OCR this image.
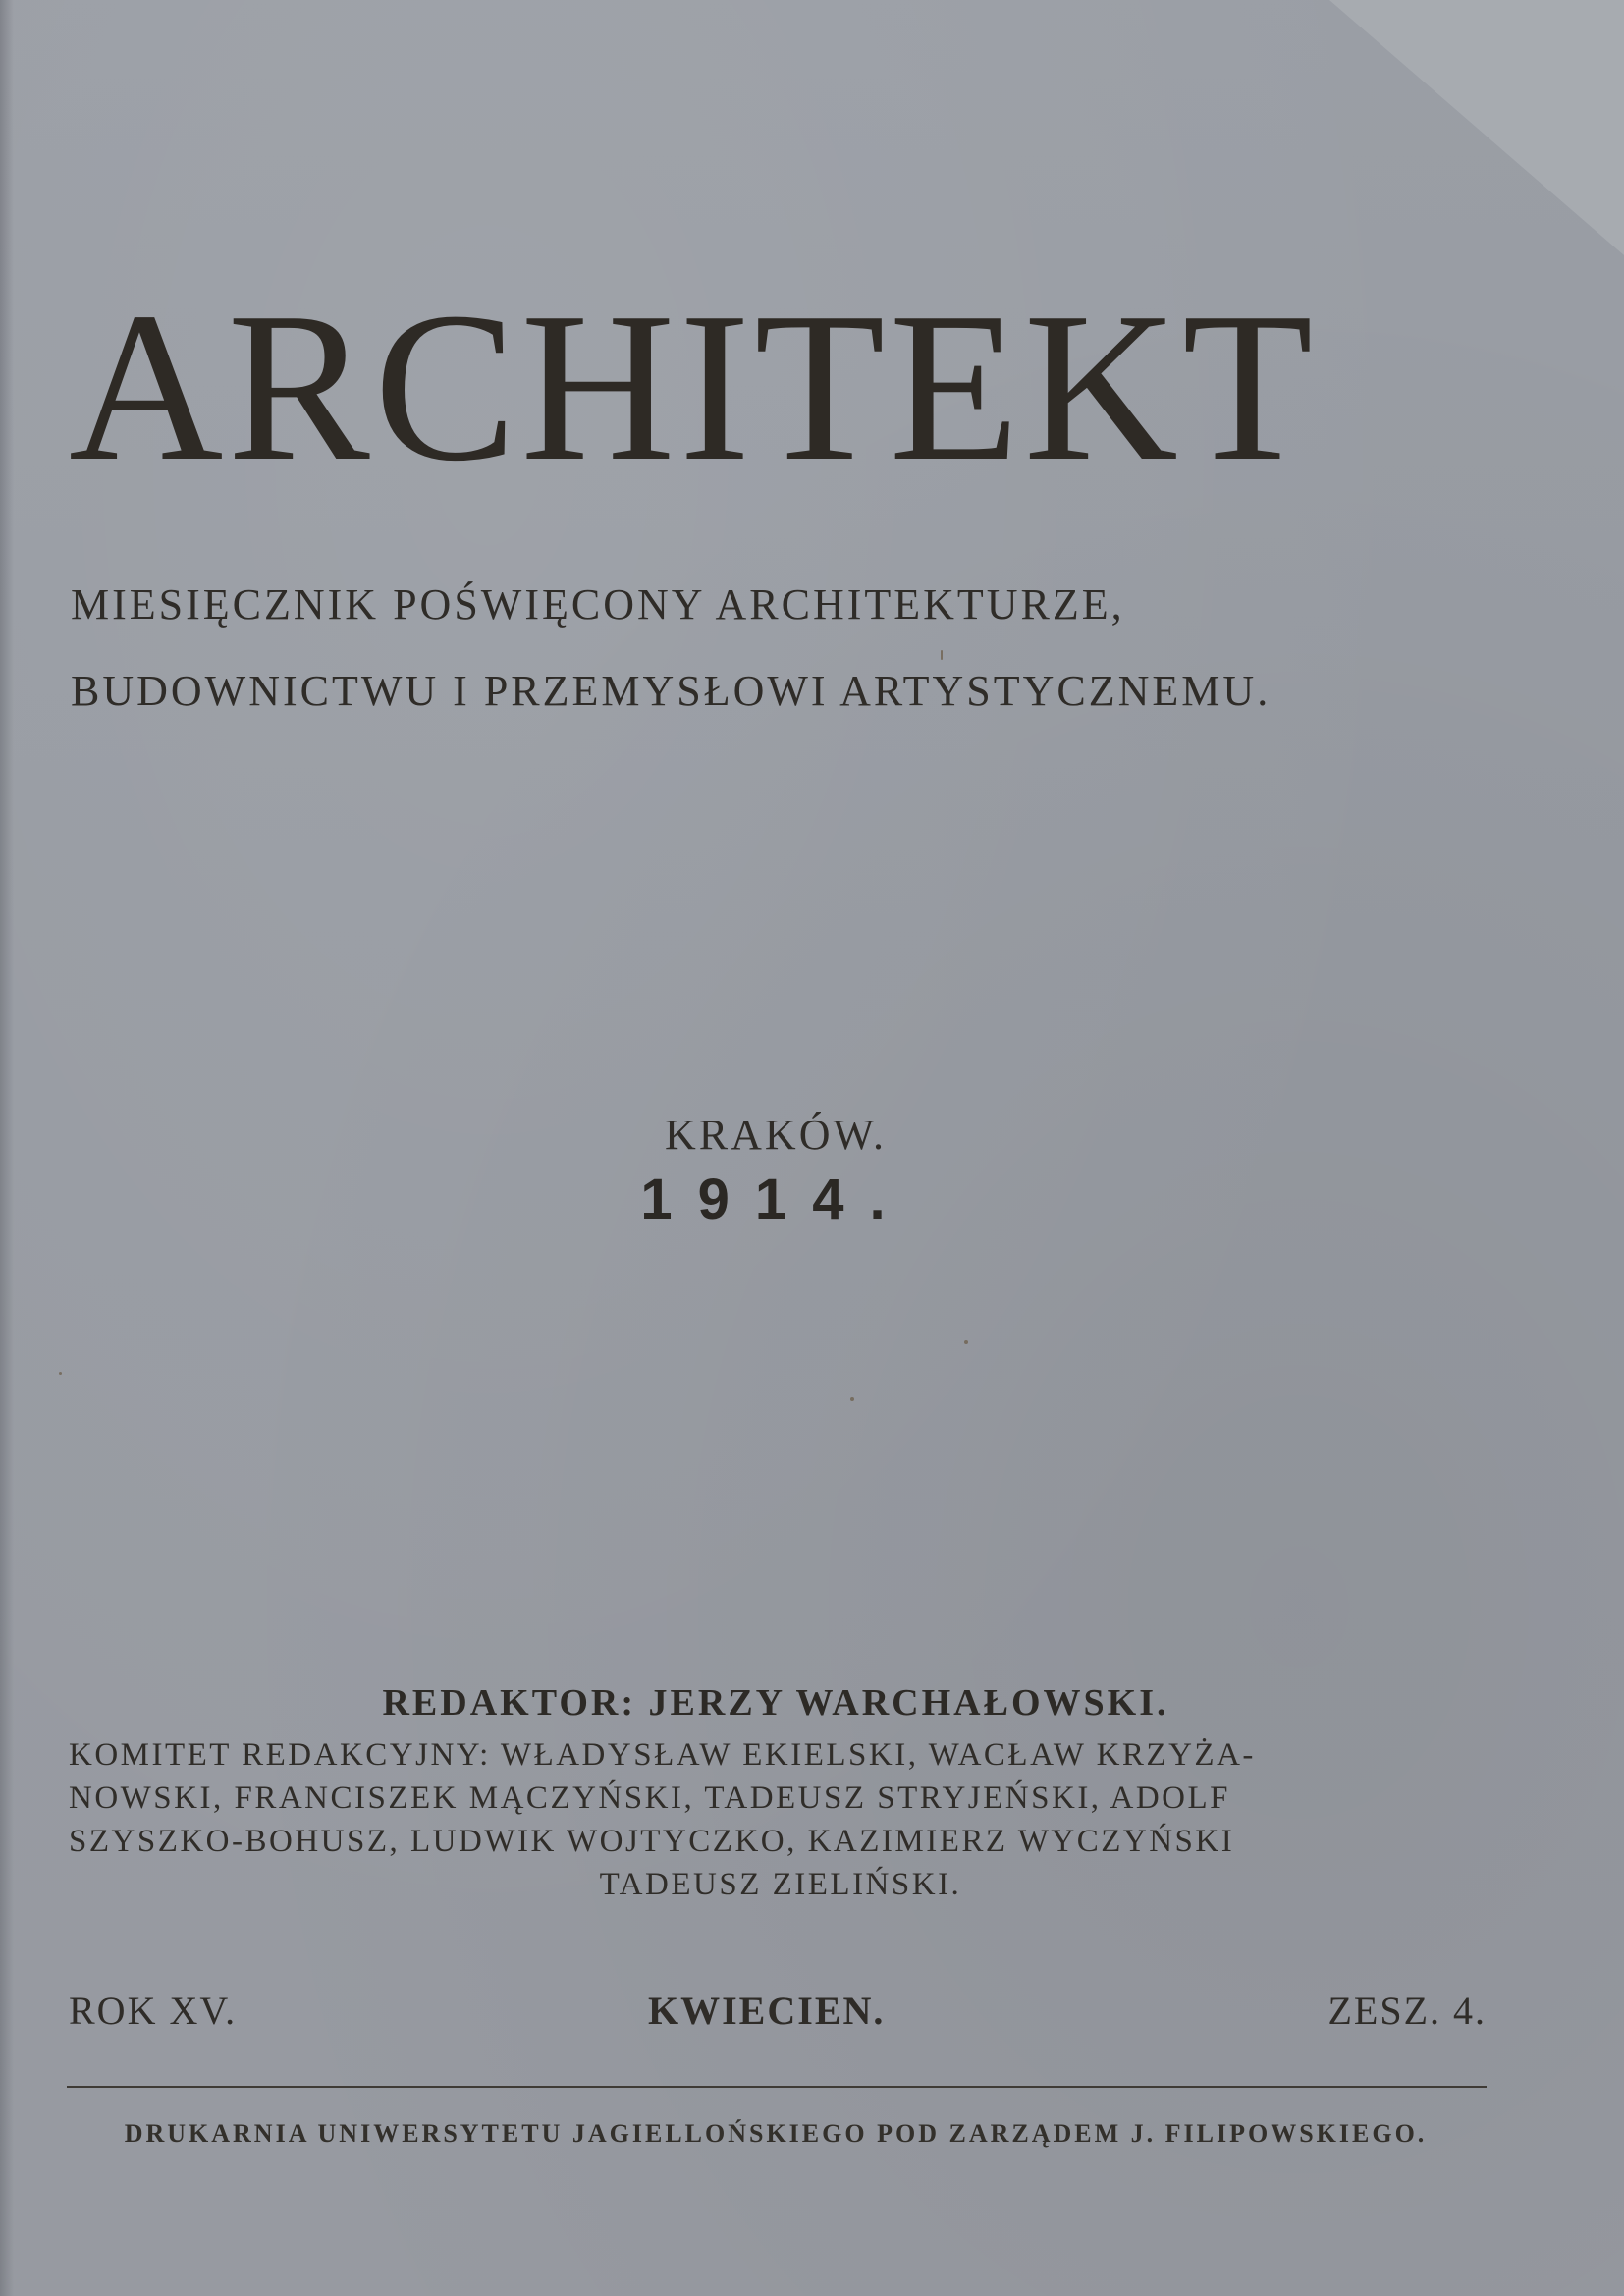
ARCHITEKT
MIESIĘCZNIK POŚWIĘCONY ARCHITEKTURZE,
BUDOWNICTWU I PRZEMYSŁOWI ARTYSTYCZNEMU.
KRAKÓW.
1914.
REDAKTOR: JERZY WARCHAŁOWSKI.
KOMITET REDAKCYJNY: WŁADYSŁAW EKIELSKI, WACŁAW KRZYŻA-
NOWSKI, FRANCISZEK MĄCZYŃSKI, TADEUSZ STRYJEŃSKI, ADOLF
SZYSZKO-BOHUSZ, LUDWIK WOJTYCZKO, KAZIMIERZ WYCZYŃSKI
TADEUSZ ZIELIŃSKI.
ROK XV.	KWIECIEN.	ZESZ. 4.
DRUKARNIA UNIWERSYTETU JAGIELLOŃSKIEGO POD ZARZĄDEM J. FILIPOWSKIEGO.
